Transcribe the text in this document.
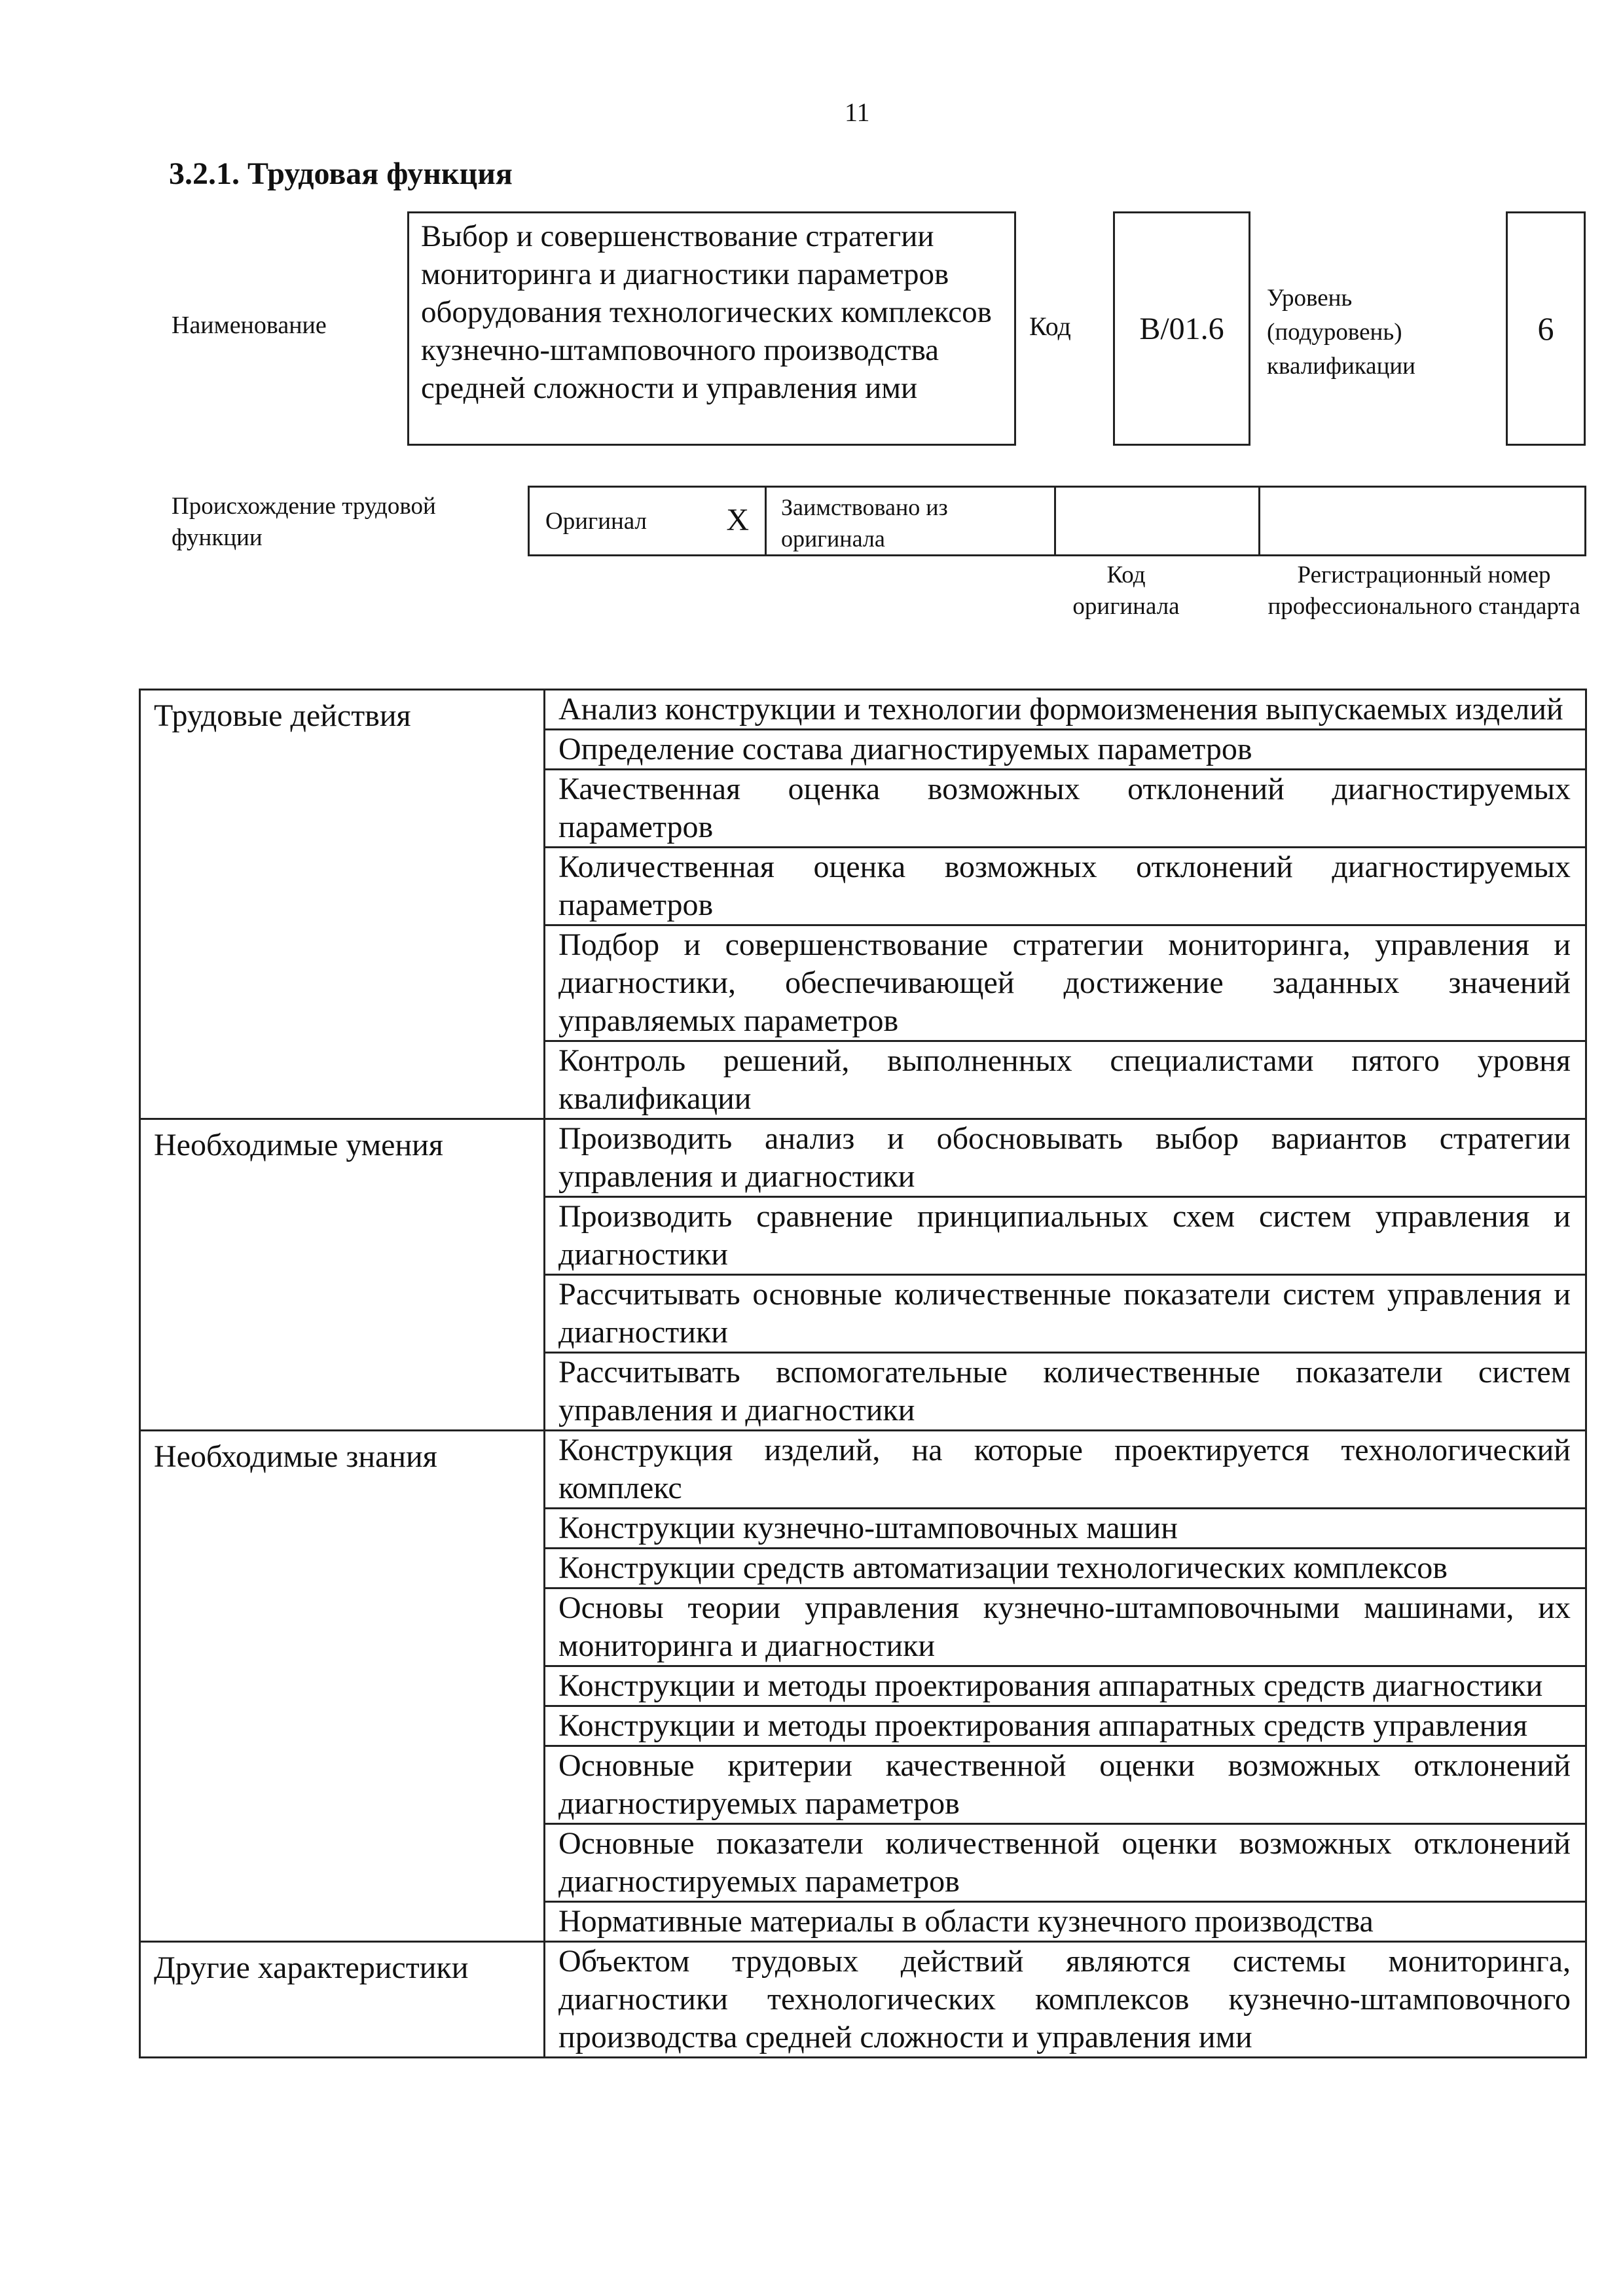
11
3.2.1. Трудовая функция
Наименование
Выбор и совершенствование стратегии мониторинга и диагностики параметров оборудования технологических комплексов кузнечно-штамповочного производства средней сложности и управления ими
Код	B/01.6
Уровень (подуровень) квалификации
6
Происхождение трудовой функции
Оригинал	X	Заимствовано из оригинала
Код оригинала
Регистрационный номер профессионального стандарта
Трудовые действия	Анализ конструкции и технологии формоизменения выпускаемых изделий
	Определение состава диагностируемых параметров
	Качественная оценка возможных отклонений диагностируемых параметров
	Количественная оценка возможных отклонений диагностируемых параметров
	Подбор и совершенствование стратегии мониторинга, управления и диагностики, обеспечивающей достижение заданных значений управляемых параметров
	Контроль решений, выполненных специалистами пятого уровня квалификации
Необходимые умения	Производить анализ и обосновывать выбор вариантов стратегии управления и диагностики
	Производить сравнение принципиальных схем систем управления и диагностики
	Рассчитывать основные количественные показатели систем управления и диагностики
	Рассчитывать вспомогательные количественные показатели систем управления и диагностики
Необходимые знания	Конструкция изделий, на которые проектируется технологический комплекс
	Конструкции кузнечно-штамповочных машин
	Конструкции средств автоматизации технологических комплексов
	Основы теории управления кузнечно-штамповочными машинами, их мониторинга и диагностики
	Конструкции и методы проектирования аппаратных средств диагностики
	Конструкции и методы проектирования аппаратных средств управления
	Основные критерии качественной оценки возможных отклонений диагностируемых параметров
	Основные показатели количественной оценки возможных отклонений диагностируемых параметров
	Нормативные материалы в области кузнечного производства
Другие характеристики	Объектом трудовых действий являются системы мониторинга, диагностики технологических комплексов кузнечно-штамповочного производства средней сложности и управления ими
